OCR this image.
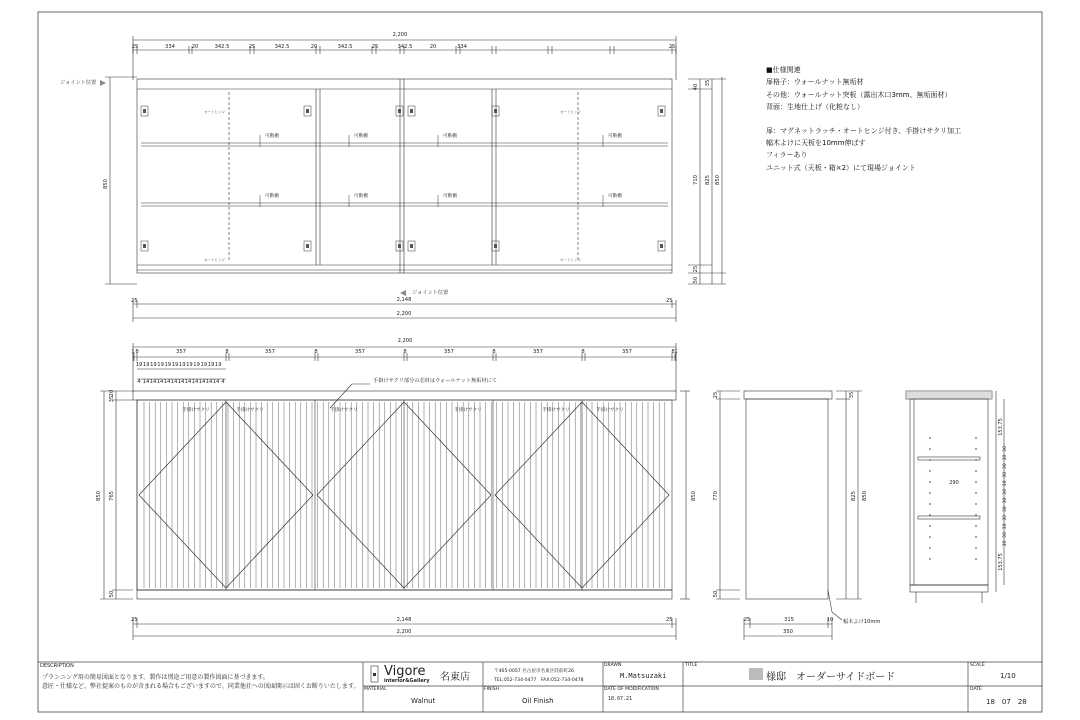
可動棚	可動棚	可動棚	可動棚
可動棚	可動棚	可動棚	可動棚
オートヒンジ	オートヒンジ
オートヒンジ	オートヒンジ
2,200
25	334	20	342.5	25	342.5	20	342.5	25	342.5	20	334	25
2,148
2,200
25	25
850
ジョイント位置
ジョイント位置
35
40
710 825 850
25
50
2,200
1 8	357	8	357	8	357	8	357	8	357	8	357	8 1
19 19 19 19 19 19 19 19 19 19 19 19
4 14 14 14 14 14 14 14 14 14 14 14 4	手掛けサクリ部分の芯材はウォールナット無垢材にて
手掛けサクリ	手掛けサクリ	手掛けサクリ	手掛けサクリ	手掛けサクリ	手掛けサクリ
2,148
2,200
25	25
850
20
35
765
50
850
25	315	10
350
幅木よけ10mm
825 850
770
25
50
35
153.75
153.75
30
30
30
30
30
30
30
30
30
30
30
30
290
■仕様関連
扉格子：ウォールナット無垢材
その他：ウォールナット突板（露出木口3mm、無垢面材）
背面：生地仕上げ（化粧なし）
扉：マグネットラッチ・オートヒンジ付き、手掛けサクリ加工
幅木よけに天板を10mm伸ばす
フィラーあり
ユニット式（天板・箱×2）にて現場ジョイント
DESCRIPTION
プランニング用の簡易図面となります。製作は別途ご用意の製作図面に基づきます。
意匠・仕様など、弊社提案のものが含まれる場合もございますので、同業他社への図面開示は固くお断りいたします。
Vigore
interior&Gallery 名東店
〒465-0057 名古屋市名東区陸前町26
TEL:052-734-0477　FAX:052-734-0478
DRAWN
M.Matsuzaki
TITLE
様邸　オーダーサイドボード
SCALE
1/10
MATERIAL
Walnut
FINISH
Oil Finish
DATE OF MODIFICATION
18.07.21
DATE
18　07　28
